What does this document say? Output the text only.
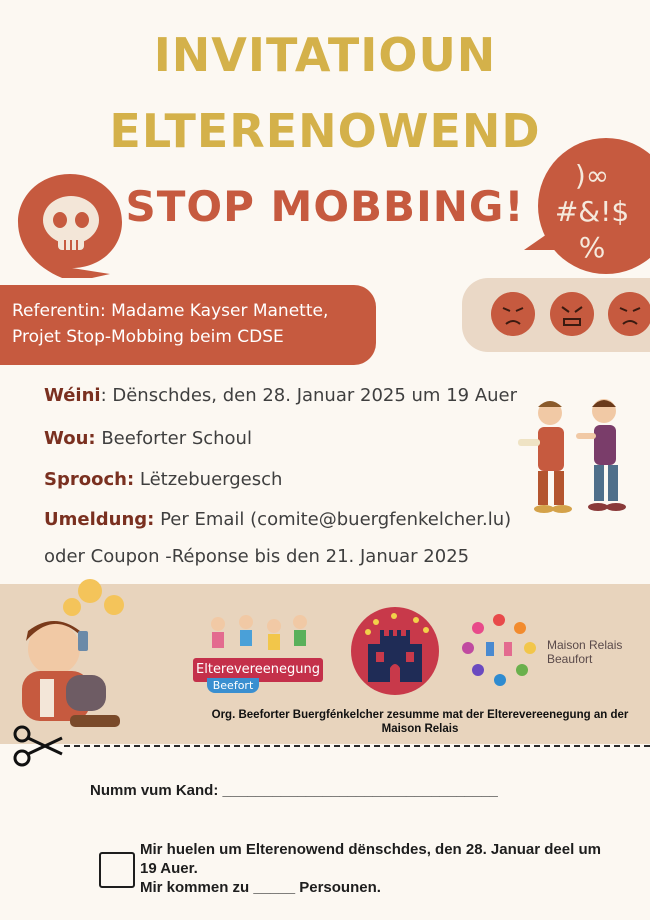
INVITATIOUN
ELTERENOWEND
STOP MOBBING!
)∞ #&!$ %
Referentin: Madame Kayser Manette,
Projet Stop-Mobbing beim CDSE
Wéini: Dënschdes, den 28. Januar 2025 um 19 Auer
Wou: Beeforter Schoul
Sprooch: Lëtzebuergesch
Umeldung: Per Email (comite@buergfenkelcher.lu)
oder Coupon -Réponse bis den 21. Januar 2025
Elterevereenegung
Beefort
Maison Relais
Beaufort
Org. Beeforter Buergfénkelcher zesumme mat der Elterevereenegung an der Maison Relais
Numm vum Kand: _________________________________
Mir huelen um Elterenowend dënschdes, den 28. Januar deel um
19 Auer.
Mir kommen zu _____ Persounen.
